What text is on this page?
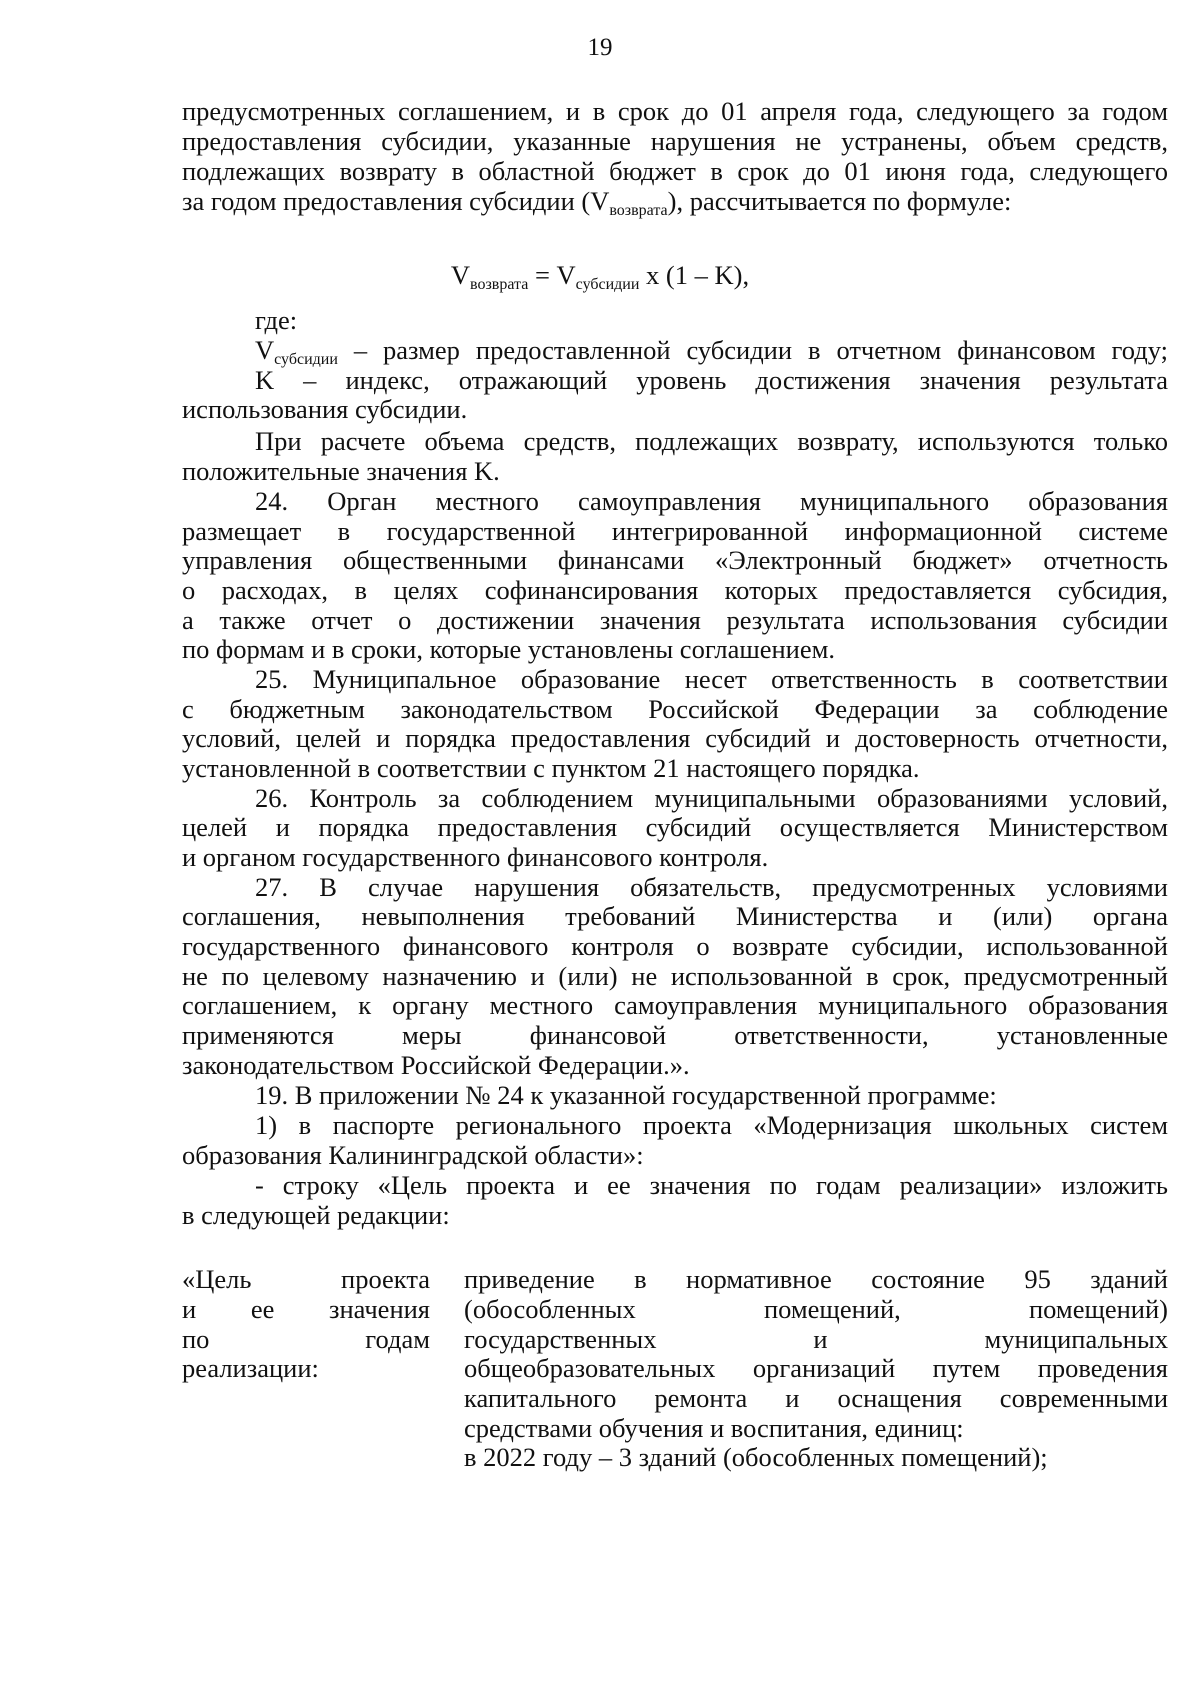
19
предусмотренных соглашением, и в срок до 01 апреля года, следующего за годом
предоставления субсидии, указанные нарушения не устранены, объем средств,
подлежащих возврату в областной бюджет в срок до 01 июня года, следующего
за годом предоставления субсидии (Vвозврата), рассчитывается по формуле:
Vвозврата = Vсубсидии x (1 – K),
где:
Vсубсидии – размер предоставленной субсидии в отчетном финансовом году;
K – индекс, отражающий уровень достижения значения результата
использования субсидии.
При расчете объема средств, подлежащих возврату, используются только
положительные значения K.
24. Орган местного самоуправления муниципального образования
размещает в государственной интегрированной информационной системе
управления общественными финансами «Электронный бюджет» отчетность
о расходах, в целях софинансирования которых предоставляется субсидия,
а также отчет о достижении значения результата использования субсидии
по формам и в сроки, которые установлены соглашением.
25. Муниципальное образование несет ответственность в соответствии
с бюджетным законодательством Российской Федерации за соблюдение
условий, целей и порядка предоставления субсидий и достоверность отчетности,
установленной в соответствии с пунктом 21 настоящего порядка.
26. Контроль за соблюдением муниципальными образованиями условий,
целей и порядка предоставления субсидий осуществляется Министерством
и органом государственного финансового контроля.
27. В случае нарушения обязательств, предусмотренных условиями
соглашения, невыполнения требований Министерства и (или) органа
государственного финансового контроля о возврате субсидии, использованной
не по целевому назначению и (или) не использованной в срок, предусмотренный
соглашением, к органу местного самоуправления муниципального образования
применяются меры финансовой ответственности, установленные
законодательством Российской Федерации.».
19. В приложении № 24 к указанной государственной программе:
1) в паспорте регионального проекта «Модернизация школьных систем
образования Калининградской области»:
- строку «Цель проекта и ее значения по годам реализации» изложить
в следующей редакции:
«Цель проекта
и ее значения
по годам
реализации:
приведение в нормативное состояние 95 зданий
(обособленных помещений, помещений)
государственных и муниципальных
общеобразовательных организаций путем проведения
капитального ремонта и оснащения современными
средствами обучения и воспитания, единиц:
в 2022 году – 3 зданий (обособленных помещений);
